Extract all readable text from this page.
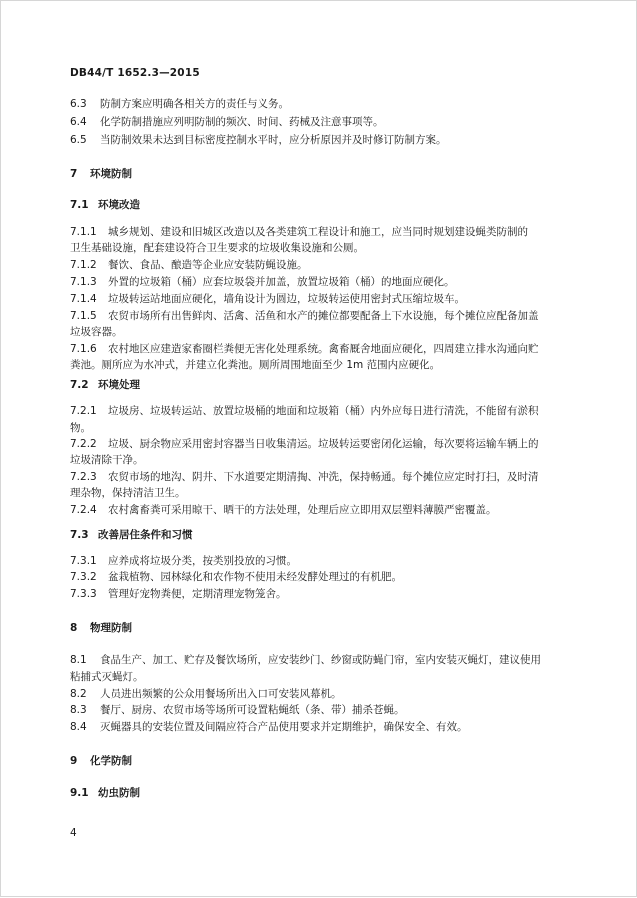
DB44/T 1652.3—2015
6.3 防制方案应明确各相关方的责任与义务。
6.4 化学防制措施应列明防制的频次、时间、药械及注意事项等。
6.5 当防制效果未达到目标密度控制水平时，应分析原因并及时修订防制方案。
7 环境防制
7.1 环境改造
7.1.1 城乡规划、建设和旧城区改造以及各类建筑工程设计和施工，应当同时规划建设蝇类防制的
卫生基础设施，配套建设符合卫生要求的垃圾收集设施和公厕。
7.1.2 餐饮、食品、酿造等企业应安装防蝇设施。
7.1.3 外置的垃圾箱（桶）应套垃圾袋并加盖，放置垃圾箱（桶）的地面应硬化。
7.1.4 垃圾转运站地面应硬化，墙角设计为圆边，垃圾转运使用密封式压缩垃圾车。
7.1.5 农贸市场所有出售鲜肉、活禽、活鱼和水产的摊位都要配备上下水设施，每个摊位应配备加盖
垃圾容器。
7.1.6 农村地区应建造家畜圈栏粪便无害化处理系统。禽畜厩舍地面应硬化，四周建立排水沟通向贮
粪池。厕所应为水冲式，并建立化粪池。厕所周围地面至少 1m 范围内应硬化。
7.2 环境处理
7.2.1 垃圾房、垃圾转运站、放置垃圾桶的地面和垃圾箱（桶）内外应每日进行清洗，不能留有淤积
物。
7.2.2 垃圾、厨余物应采用密封容器当日收集清运。垃圾转运要密闭化运输，每次要将运输车辆上的
垃圾清除干净。
7.2.3 农贸市场的地沟、阴井、下水道要定期清掏、冲洗，保持畅通。每个摊位应定时打扫，及时清
理杂物，保持清洁卫生。
7.2.4 农村禽畜粪可采用晾干、晒干的方法处理，处理后应立即用双层塑料薄膜严密覆盖。
7.3 改善居住条件和习惯
7.3.1 应养成将垃圾分类，按类别投放的习惯。
7.3.2 盆栽植物、园林绿化和农作物不使用未经发酵处理过的有机肥。
7.3.3 管理好宠物粪便，定期清理宠物笼舍。
8 物理防制
8.1 食品生产、加工、贮存及餐饮场所，应安装纱门、纱窗或防蝇门帘，室内安装灭蝇灯，建议使用
粘捕式灭蝇灯。
8.2 人员进出频繁的公众用餐场所出入口可安装风幕机。
8.3 餐厅、厨房、农贸市场等场所可设置粘蝇纸（条、带）捕杀苍蝇。
8.4 灭蝇器具的安装位置及间隔应符合产品使用要求并定期维护，确保安全、有效。
9 化学防制
9.1 幼虫防制
4
